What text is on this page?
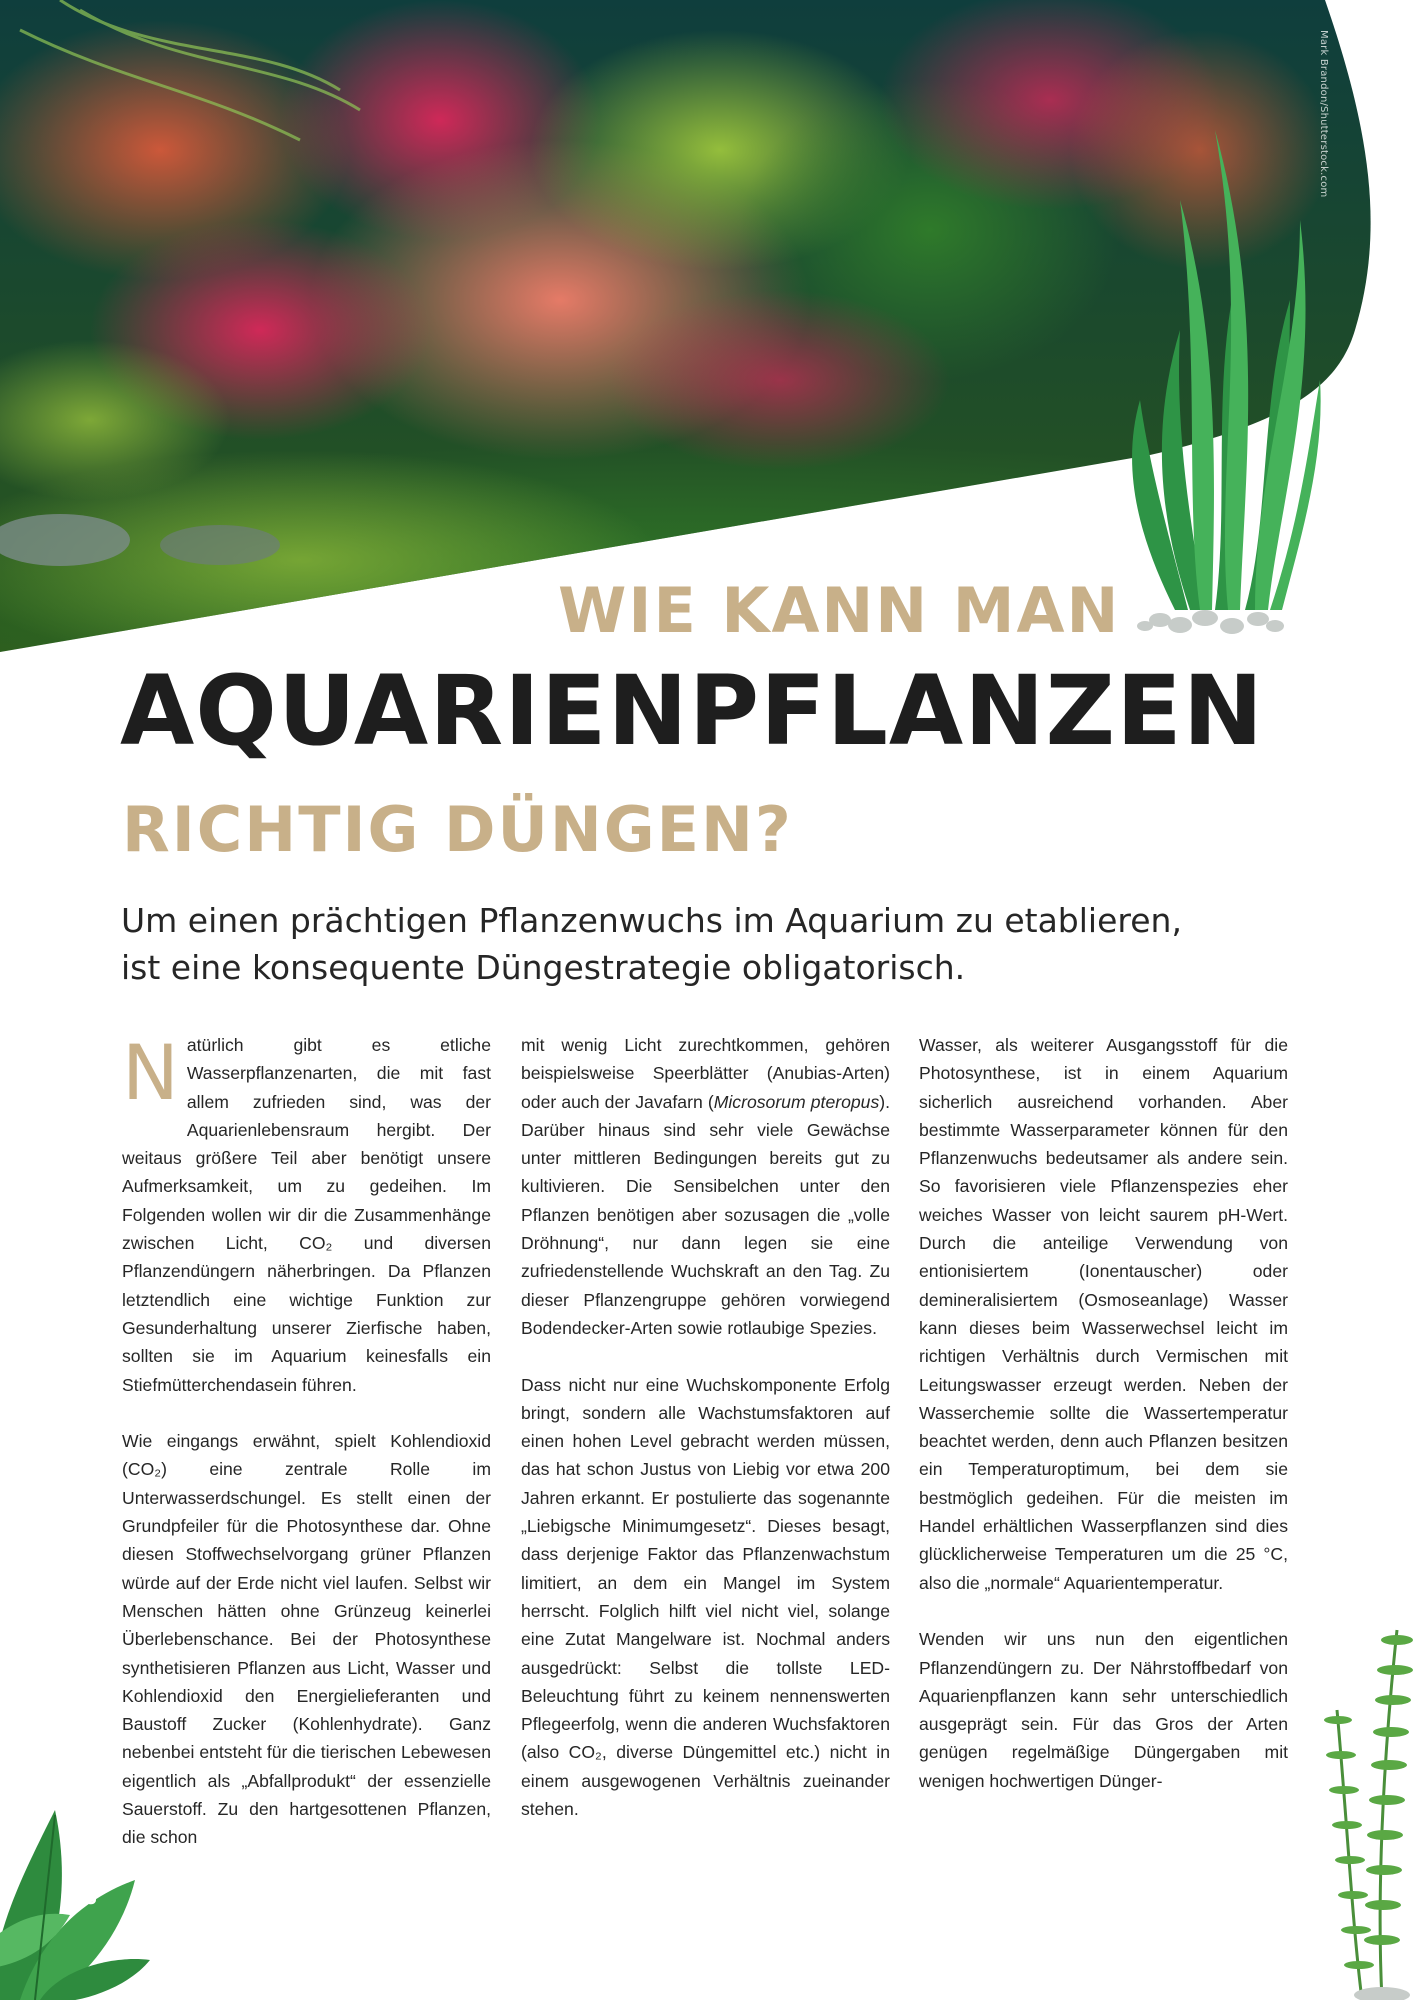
Mark Brandon/Shutterstock.com
WIE KANN MAN
AQUARIENPFLANZEN
RICHTIG DÜNGEN?
Um einen prächtigen Pflanzenwuchs im Aquarium zu etablieren,
ist eine konsequente Düngestrategie obligatorisch.

Natürlich gibt es etliche Wasserpflanzenarten, die mit fast allem zufrieden sind, was der Aquarienlebensraum hergibt. Der weitaus größere Teil aber benötigt unsere Aufmerksamkeit, um zu gedeihen. Im Folgenden wollen wir dir die Zusammenhänge zwischen Licht, CO₂ und diversen Pflanzendüngern näherbringen. Da Pflanzen letztendlich eine wichtige Funktion zur Gesunderhaltung unserer Zierfische haben, sollten sie im Aquarium keinesfalls ein Stiefmütterchendasein führen.

Wie eingangs erwähnt, spielt Kohlendioxid (CO₂) eine zentrale Rolle im Unterwasserdschungel. Es stellt einen der Grundpfeiler für die Photosynthese dar. Ohne diesen Stoffwechselvorgang grüner Pflanzen würde auf der Erde nicht viel laufen. Selbst wir Menschen hätten ohne Grünzeug keinerlei Überlebenschance. Bei der Photosynthese synthetisieren Pflanzen aus Licht, Wasser und Kohlendioxid den Energielieferanten und Baustoff Zucker (Kohlenhydrate). Ganz nebenbei entsteht für die tierischen Lebewesen eigentlich als „Abfallprodukt“ der essenzielle Sauerstoff. Zu den hartgesottenen Pflanzen, die schon

mit wenig Licht zurechtkommen, gehören beispielsweise Speerblätter (Anubias-Arten) oder auch der Javafarn (Microsorum pteropus). Darüber hinaus sind sehr viele Gewächse unter mittleren Bedingungen bereits gut zu kultivieren. Die Sensibelchen unter den Pflanzen benötigen aber sozusagen die „volle Dröhnung“, nur dann legen sie eine zufriedenstellende Wuchskraft an den Tag. Zu dieser Pflanzengruppe gehören vorwiegend Bodendecker-Arten sowie rotlaubige Spezies.

Dass nicht nur eine Wuchskomponente Erfolg bringt, sondern alle Wachstumsfaktoren auf einen hohen Level gebracht werden müssen, das hat schon Justus von Liebig vor etwa 200 Jahren erkannt. Er postulierte das sogenannte „Liebigsche Minimumgesetz“. Dieses besagt, dass derjenige Faktor das Pflanzenwachstum limitiert, an dem ein Mangel im System herrscht. Folglich hilft viel nicht viel, solange eine Zutat Mangelware ist. Nochmal anders ausgedrückt: Selbst die tollste LED-Beleuchtung führt zu keinem nennenswerten Pflegeerfolg, wenn die anderen Wuchsfaktoren (also CO₂, diverse Düngemittel etc.) nicht in einem ausgewogenen Verhältnis zueinander stehen.

Wasser, als weiterer Ausgangsstoff für die Photosynthese, ist in einem Aquarium sicherlich ausreichend vorhanden. Aber bestimmte Wasserparameter können für den Pflanzenwuchs bedeutsamer als andere sein. So favorisieren viele Pflanzenspezies eher weiches Wasser von leicht saurem pH-Wert. Durch die anteilige Verwendung von entionisiertem (Ionentauscher) oder demineralisiertem (Osmoseanlage) Wasser kann dieses beim Wasserwechsel leicht im richtigen Verhältnis durch Vermischen mit Leitungswasser erzeugt werden. Neben der Wasserchemie sollte die Wassertemperatur beachtet werden, denn auch Pflanzen besitzen ein Temperaturoptimum, bei dem sie bestmöglich gedeihen. Für die meisten im Handel erhältlichen Wasserpflanzen sind dies glücklicherweise Temperaturen um die 25 °C, also die „normale“ Aquarientemperatur.

Wenden wir uns nun den eigentlichen Pflanzendüngern zu. Der Nährstoffbedarf von Aquarienpflanzen kann sehr unterschiedlich ausgeprägt sein. Für das Gros der Arten genügen regelmäßige Düngergaben mit wenigen hochwertigen Dünger-

56
